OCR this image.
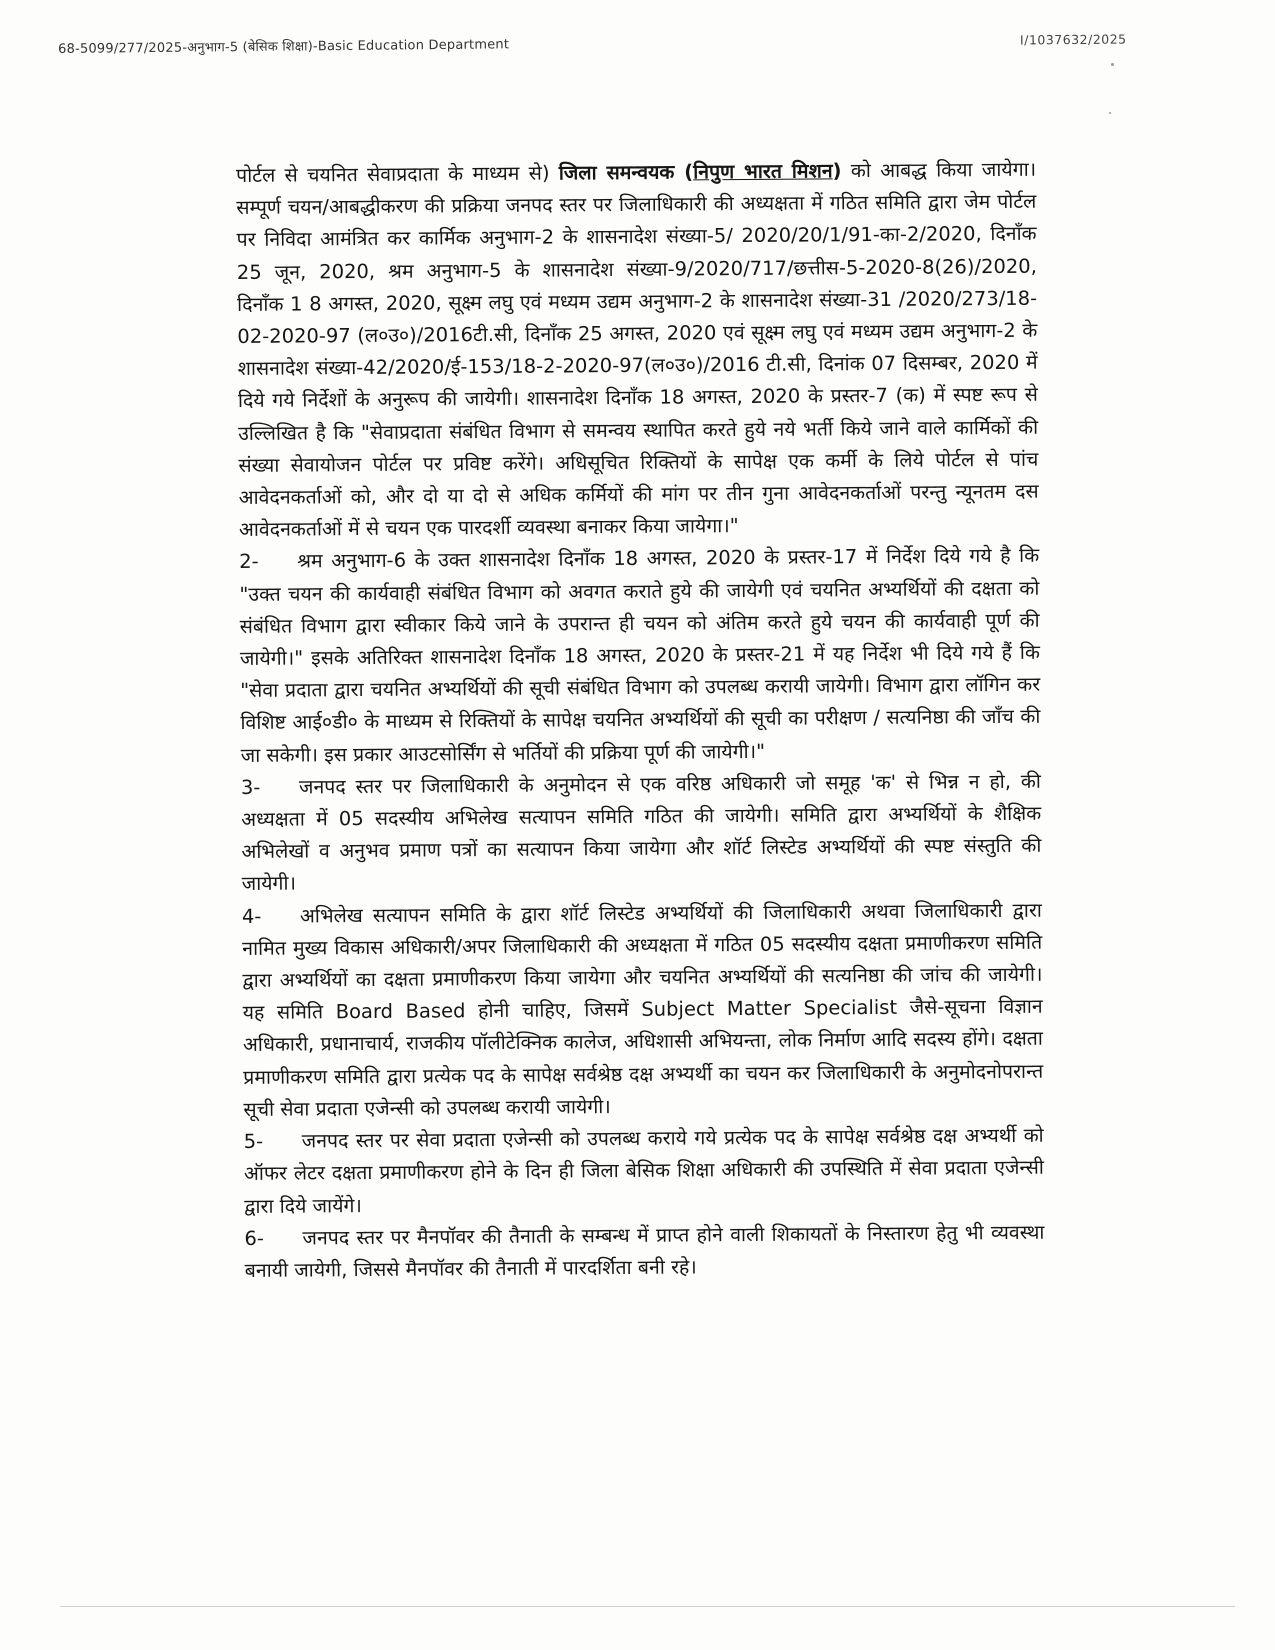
68-5099/277/2025-अनुभाग-5 (बेसिक शिक्षा)-Basic Education Department	I/1037632/2025

पोर्टल से चयनित सेवाप्रदाता के माध्यम से) जिला समन्वयक (निपुण भारत मिशन) को आबद्ध किया जायेगा। सम्पूर्ण चयन/आबद्धीकरण की प्रक्रिया जनपद स्तर पर जिलाधिकारी की अध्यक्षता में गठित समिति द्वारा जेम पोर्टल पर निविदा आमंत्रित कर कार्मिक अनुभाग-2 के शासनादेश संख्या-5/ 2020/20/1/91-का-2/2020, दिनाँक 25 जून, 2020, श्रम अनुभाग-5 के शासनादेश संख्या-9/2020/717/छत्तीस-5-2020-8(26)/2020, दिनाँक 1 8 अगस्त, 2020, सूक्ष्म लघु एवं मध्यम उद्यम अनुभाग-2 के शासनादेश संख्या-31 /2020/273/18-02-2020-97 (ल०उ०)/2016टी.सी, दिनाँक 25 अगस्त, 2020 एवं सूक्ष्म लघु एवं मध्यम उद्यम अनुभाग-2 के शासनादेश संख्या-42/2020/ई-153/18-2-2020-97(ल०उ०)/2016 टी.सी, दिनांक 07 दिसम्बर, 2020 में दिये गये निर्देशों के अनुरूप की जायेगी। शासनादेश दिनाँक 18 अगस्त, 2020 के प्रस्तर-7 (क) में स्पष्ट रूप से उल्लिखित है कि "सेवाप्रदाता संबंधित विभाग से समन्वय स्थापित करते हुये नये भर्ती किये जाने वाले कार्मिकों की संख्या सेवायोजन पोर्टल पर प्रविष्ट करेंगे। अधिसूचित रिक्तियों के सापेक्ष एक कर्मी के लिये पोर्टल से पांच आवेदनकर्ताओं को, और दो या दो से अधिक कर्मियों की मांग पर तीन गुना आवेदनकर्ताओं परन्तु न्यूनतम दस आवेदनकर्ताओं में से चयन एक पारदर्शी व्यवस्था बनाकर किया जायेगा।"

2- श्रम अनुभाग-6 के उक्त शासनादेश दिनाँक 18 अगस्त, 2020 के प्रस्तर-17 में निर्देश दिये गये है कि "उक्त चयन की कार्यवाही संबंधित विभाग को अवगत कराते हुये की जायेगी एवं चयनित अभ्यर्थियों की दक्षता को संबंधित विभाग द्वारा स्वीकार किये जाने के उपरान्त ही चयन को अंतिम करते हुये चयन की कार्यवाही पूर्ण की जायेगी।" इसके अतिरिक्त शासनादेश दिनाँक 18 अगस्त, 2020 के प्रस्तर-21 में यह निर्देश भी दिये गये हैं कि "सेवा प्रदाता द्वारा चयनित अभ्यर्थियों की सूची संबंधित विभाग को उपलब्ध करायी जायेगी। विभाग द्वारा लॉगिन कर विशिष्ट आई०डी० के माध्यम से रिक्तियों के सापेक्ष चयनित अभ्यर्थियों की सूची का परीक्षण / सत्यनिष्ठा की जाँच की जा सकेगी। इस प्रकार आउटसोर्सिंग से भर्तियों की प्रक्रिया पूर्ण की जायेगी।"

3- जनपद स्तर पर जिलाधिकारी के अनुमोदन से एक वरिष्ठ अधिकारी जो समूह 'क' से भिन्न न हो, की अध्यक्षता में 05 सदस्यीय अभिलेख सत्यापन समिति गठित की जायेगी। समिति द्वारा अभ्यर्थियों के शैक्षिक अभिलेखों व अनुभव प्रमाण पत्रों का सत्यापन किया जायेगा और शॉर्ट लिस्टेड अभ्यर्थियों की स्पष्ट संस्तुति की जायेगी।

4- अभिलेख सत्यापन समिति के द्वारा शॉर्ट लिस्टेड अभ्यर्थियों की जिलाधिकारी अथवा जिलाधिकारी द्वारा नामित मुख्य विकास अधिकारी/अपर जिलाधिकारी की अध्यक्षता में गठित 05 सदस्यीय दक्षता प्रमाणीकरण समिति द्वारा अभ्यर्थियों का दक्षता प्रमाणीकरण किया जायेगा और चयनित अभ्यर्थियों की सत्यनिष्ठा की जांच की जायेगी। यह समिति Board Based होनी चाहिए, जिसमें Subject Matter Specialist जैसे-सूचना विज्ञान अधिकारी, प्रधानाचार्य, राजकीय पॉलीटेक्निक कालेज, अधिशासी अभियन्ता, लोक निर्माण आदि सदस्य होंगे। दक्षता प्रमाणीकरण समिति द्वारा प्रत्येक पद के सापेक्ष सर्वश्रेष्ठ दक्ष अभ्यर्थी का चयन कर जिलाधिकारी के अनुमोदनोपरान्त सूची सेवा प्रदाता एजेन्सी को उपलब्ध करायी जायेगी।

5- जनपद स्तर पर सेवा प्रदाता एजेन्सी को उपलब्ध कराये गये प्रत्येक पद के सापेक्ष सर्वश्रेष्ठ दक्ष अभ्यर्थी को ऑफर लेटर दक्षता प्रमाणीकरण होने के दिन ही जिला बेसिक शिक्षा अधिकारी की उपस्थिति में सेवा प्रदाता एजेन्सी द्वारा दिये जायेंगे।

6- जनपद स्तर पर मैनपॉवर की तैनाती के सम्बन्ध में प्राप्त होने वाली शिकायतों के निस्तारण हेतु भी व्यवस्था बनायी जायेगी, जिससे मैनपॉवर की तैनाती में पारदर्शिता बनी रहे।
